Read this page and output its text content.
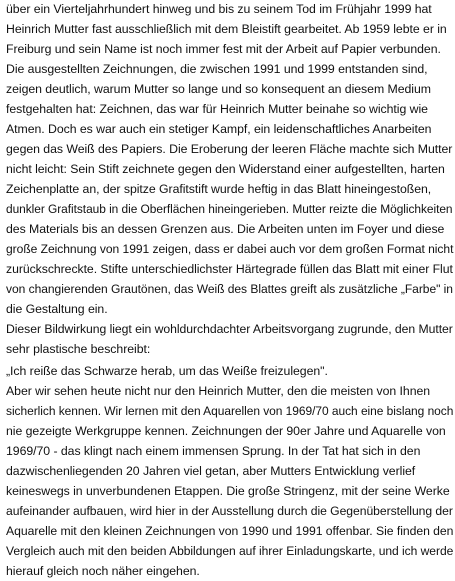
über ein Vierteljahrhundert hinweg und bis zu seinem Tod im Frühjahr 1999 hat
Heinrich Mutter fast ausschließlich mit dem Bleistift gearbeitet. Ab 1959 lebte er in
Freiburg und sein Name ist noch immer fest mit der Arbeit auf Papier verbunden.
Die ausgestellten Zeichnungen, die zwischen 1991 und 1999 entstanden sind,
zeigen deutlich, warum Mutter so lange und so konsequent an diesem Medium
festgehalten hat: Zeichnen, das war für Heinrich Mutter beinahe so wichtig wie
Atmen. Doch es war auch ein stetiger Kampf, ein leidenschaftliches Anarbeiten
gegen das Weiß des Papiers. Die Eroberung der leeren Fläche machte sich Mutter
nicht leicht: Sein Stift zeichnete gegen den Widerstand einer aufgestellten, harten
Zeichenplatte an, der spitze Grafitstift wurde heftig in das Blatt hineingestoßen,
dunkler Grafitstaub in die Oberflächen hineingerieben. Mutter reizte die Möglichkeiten
des Materials bis an dessen Grenzen aus. Die Arbeiten unten im Foyer und diese
große Zeichnung von 1991 zeigen, dass er dabei auch vor dem großen Format nicht
zurückschreckte. Stifte unterschiedlichster Härtegrade füllen das Blatt mit einer Flut
von changierenden Grautönen, das Weiß des Blattes greift als zusätzliche „Farbe" in
die Gestaltung ein.
Dieser Bildwirkung liegt ein wohldurchdachter Arbeitsvorgang zugrunde, den Mutter
sehr plastische beschreibt:
„Ich reiße das Schwarze herab, um das Weiße freizulegen".
Aber wir sehen heute nicht nur den Heinrich Mutter, den die meisten von Ihnen
sicherlich kennen. Wir lernen mit den Aquarellen von 1969/70 auch eine bislang noch
nie gezeigte Werkgruppe kennen. Zeichnungen der 90er Jahre und Aquarelle von
1969/70 - das klingt nach einem immensen Sprung. In der Tat hat sich in den
dazwischenliegenden 20 Jahren viel getan, aber Mutters Entwicklung verlief
keineswegs in unverbundenen Etappen. Die große Stringenz, mit der seine Werke
aufeinander aufbauen, wird hier in der Ausstellung durch die Gegenüberstellung der
Aquarelle mit den kleinen Zeichnungen von 1990 und 1991 offenbar. Sie finden den
Vergleich auch mit den beiden Abbildungen auf ihrer Einladungskarte, und ich werde
hierauf gleich noch näher eingehen.
